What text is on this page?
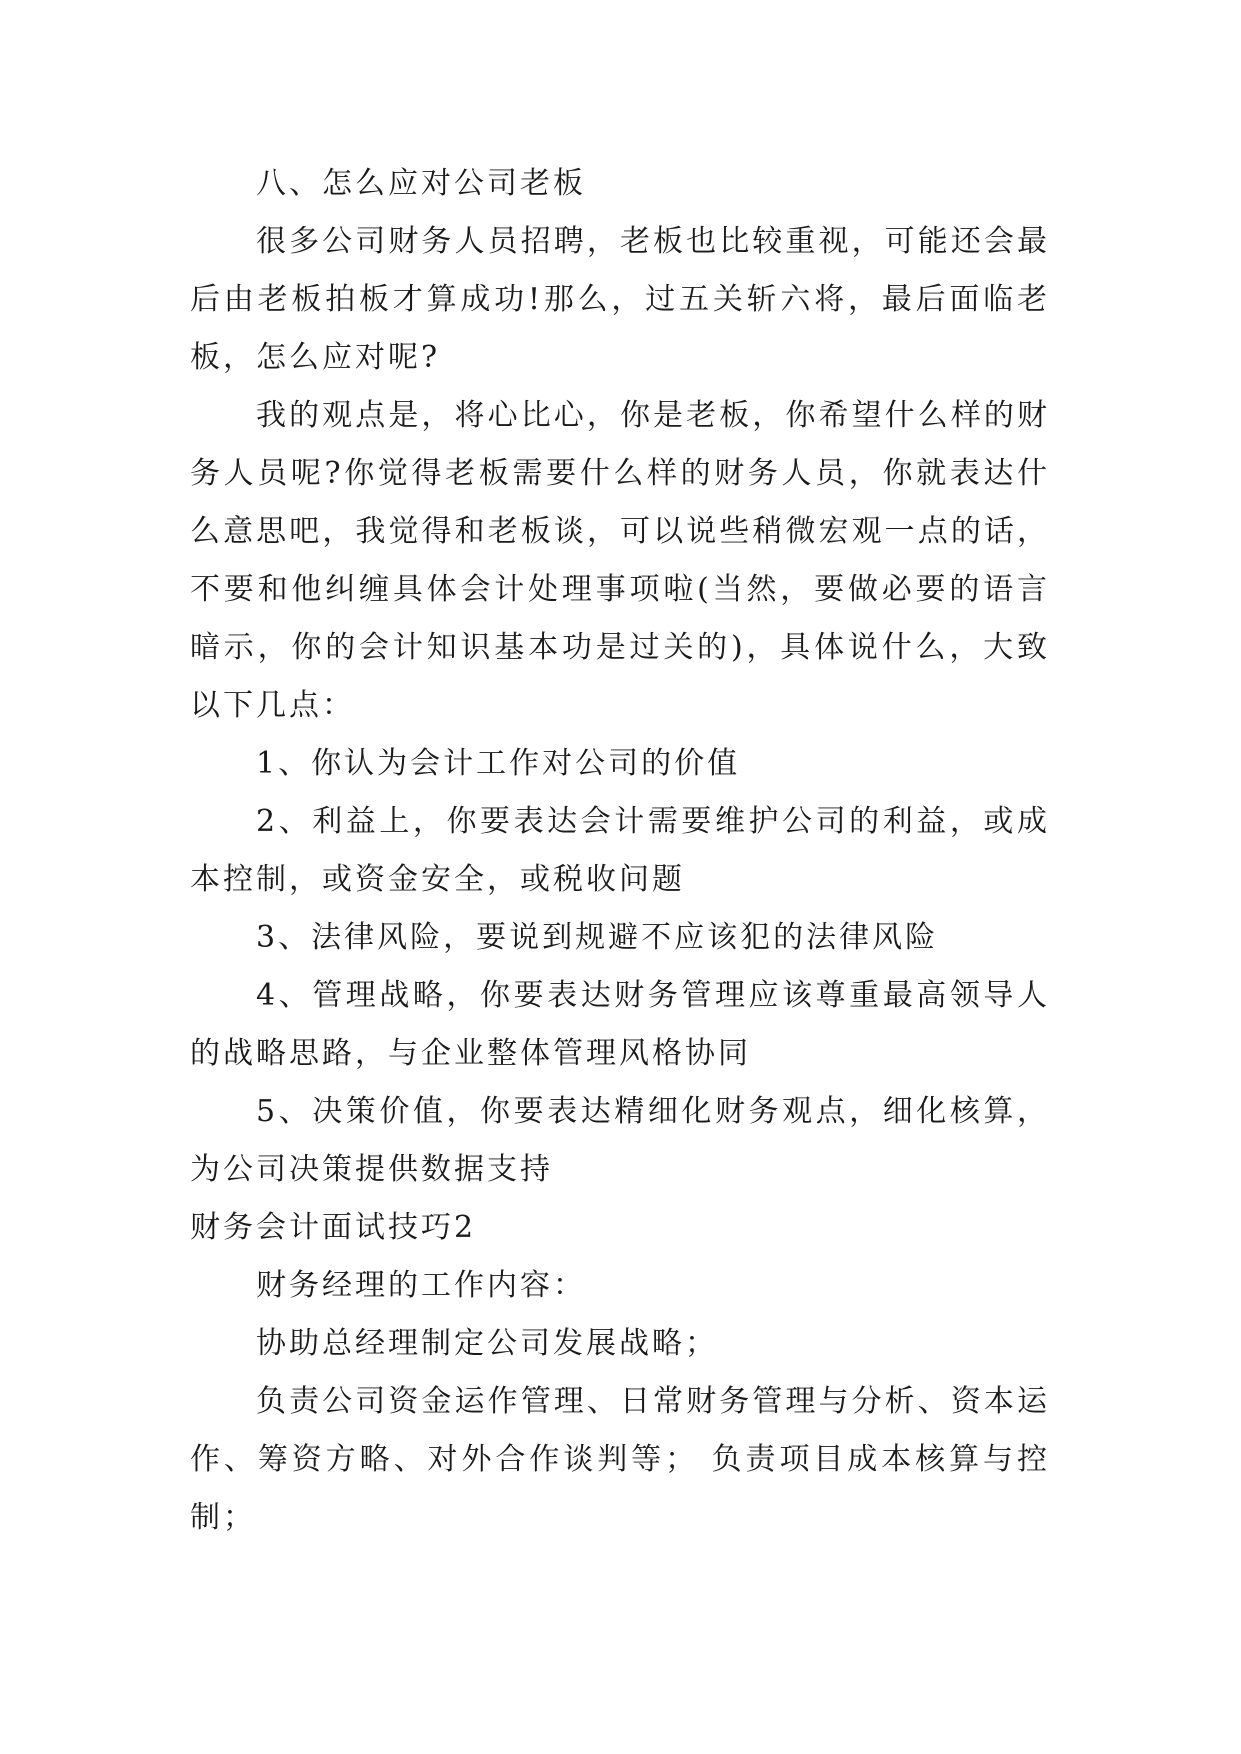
八、怎么应对公司老板

很多公司财务人员招聘，老板也比较重视，可能还会最后由老板拍板才算成功!那么，过五关斩六将，最后面临老板，怎么应对呢?

我的观点是，将心比心，你是老板，你希望什么样的财务人员呢?你觉得老板需要什么样的财务人员，你就表达什么意思吧，我觉得和老板谈，可以说些稍微宏观一点的话，不要和他纠缠具体会计处理事项啦(当然，要做必要的语言暗示，你的会计知识基本功是过关的)，具体说什么，大致以下几点：

1、你认为会计工作对公司的价值

2、利益上，你要表达会计需要维护公司的利益，或成本控制，或资金安全，或税收问题

3、法律风险，要说到规避不应该犯的法律风险

4、管理战略，你要表达财务管理应该尊重最高领导人的战略思路，与企业整体管理风格协同

5、决策价值，你要表达精细化财务观点，细化核算，为公司决策提供数据支持

财务会计面试技巧2

财务经理的工作内容：

协助总经理制定公司发展战略；

负责公司资金运作管理、日常财务管理与分析、资本运作、筹资方略、对外合作谈判等； 负责项目成本核算与控制；
